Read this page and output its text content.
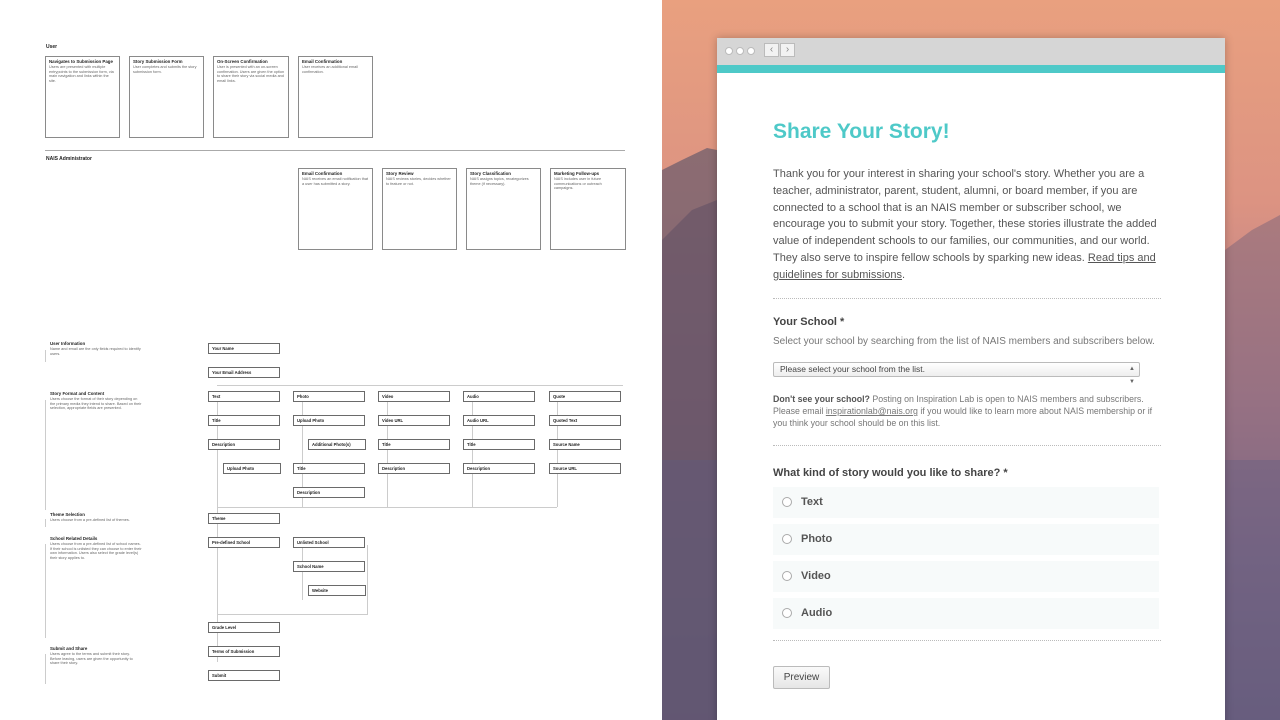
User
Navigates to Submission Page
Users are presented with multiple entrypoints to the submission form, via main navigation and links within the site.
Story Submission Form
User completes and submits the story submission form.
On-Screen Confirmation
User is presented with an on-screen confirmation. Users are given the option to share their story via social media and email links.
Email Confirmation
User receives an additional email confirmation.
NAIS Administrator
Email Confirmation
NAIS receives an email notification that a user has submitted a story.
Story Review
NAIS reviews stories, decides whether to feature or not.
Story Classification
NAIS assigns topics, recategorizes theme (if necessary).
Marketing Follow-ups
NAIS includes user in future communications or outreach campaigns.
User Information
Name and email are the only fields required to identify users.
Story Format and Content
Users choose the format of their story depending on the primary media they intend to share. Based on their selection, appropriate fields are presented.
Theme Selection
Users choose from a pre-defined list of themes.
School Related Details
Users choose from a pre-defined list of school names. If their school is unlisted they can choose to enter their own information. Users also select the grade level(s) their story applies to.
Submit and Share
Users agree to the terms and submit their story. Before leaving, users are given the opportunity to share their story.
Your Name
Your Email Address
Text	Photo	Video	Audio	Quote
Title	Upload Photo	Video URL	Audio URL	Quoted Text
Description	Additional Photo(s)	Title	Title	Source Name
Upload Photo	Title	Description	Description	Source URL
Description
Theme
Pre-defined School	Unlisted School
School Name
Website
Grade Level
Terms of Submission
Submit
‹	›
Share Your Story!

Thank you for your interest in sharing your school's story. Whether you are a teacher, administrator, parent, student, alumni, or board member, if you are connected to a school that is an NAIS member or subscriber school, we encourage you to submit your story. Together, these stories illustrate the added value of independent schools to our families, our communities, and our world. They also serve to inspire fellow schools by sparking new ideas. Read tips and guidelines for submissions.

Your School *
Select your school by searching from the list of NAIS members and subscribers below.
Please select your school from the list.	▲
▼

Don't see your school? Posting on Inspiration Lab is open to NAIS members and subscribers. Please email inspirationlab@nais.org if you would like to learn more about NAIS membership or if you think your school should be on this list.

What kind of story would you like to share? *
Text
Photo
Video
Audio
Preview
